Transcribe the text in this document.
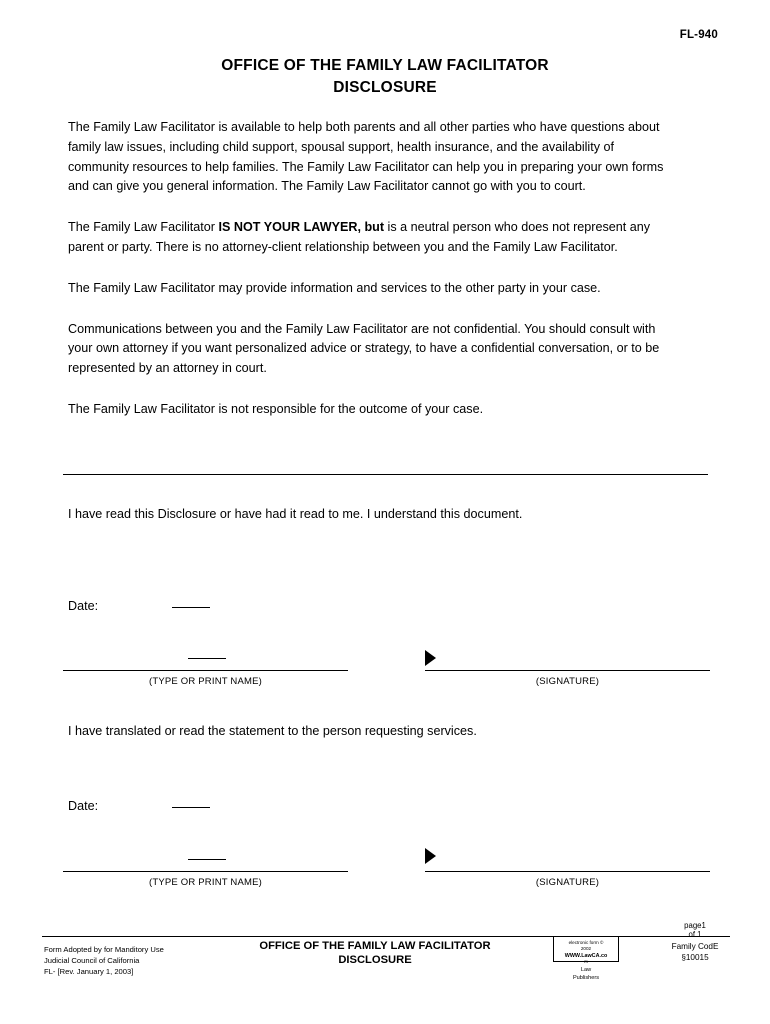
FL-940
OFFICE OF THE FAMILY LAW FACILITATOR
DISCLOSURE

The Family Law Facilitator is available to help both parents and all other parties who have questions about family law issues, including child support, spousal support, health insurance, and the availability of community resources to help families. The Family Law Facilitator can help you in preparing your own forms and can give you general information. The Family Law Facilitator cannot go with you to court.

The Family Law Facilitator IS NOT YOUR LAWYER, but is a neutral person who does not represent any parent or party. There is no attorney-client relationship between you and the Family Law Facilitator.

The Family Law Facilitator may provide information and services to the other party in your case.

Communications between you and the Family Law Facilitator are not confidential. You should consult with your own attorney if you want personalized advice or strategy, to have a confidential conversation, or to be represented by an attorney in court.

The Family Law Facilitator is not responsible for the outcome of your case.

I have read this Disclosure or have had it read to me. I understand this document.
Date:
(TYPE OR PRINT NAME)	(SIGNATURE)
I have translated or read the statement to the person requesting services.
Date:
(TYPE OR PRINT NAME)	(SIGNATURE)
Form Adopted by for Manditory Use
Judicial Council of California
FL- [Rev. January 1, 2003]
OFFICE OF THE FAMILY LAW FACILITATOR
DISCLOSURE
electronic form ©
2002
WWW.LawCA.co
m
Law
Publishers
page1
of 1
Family CodE
§10015
